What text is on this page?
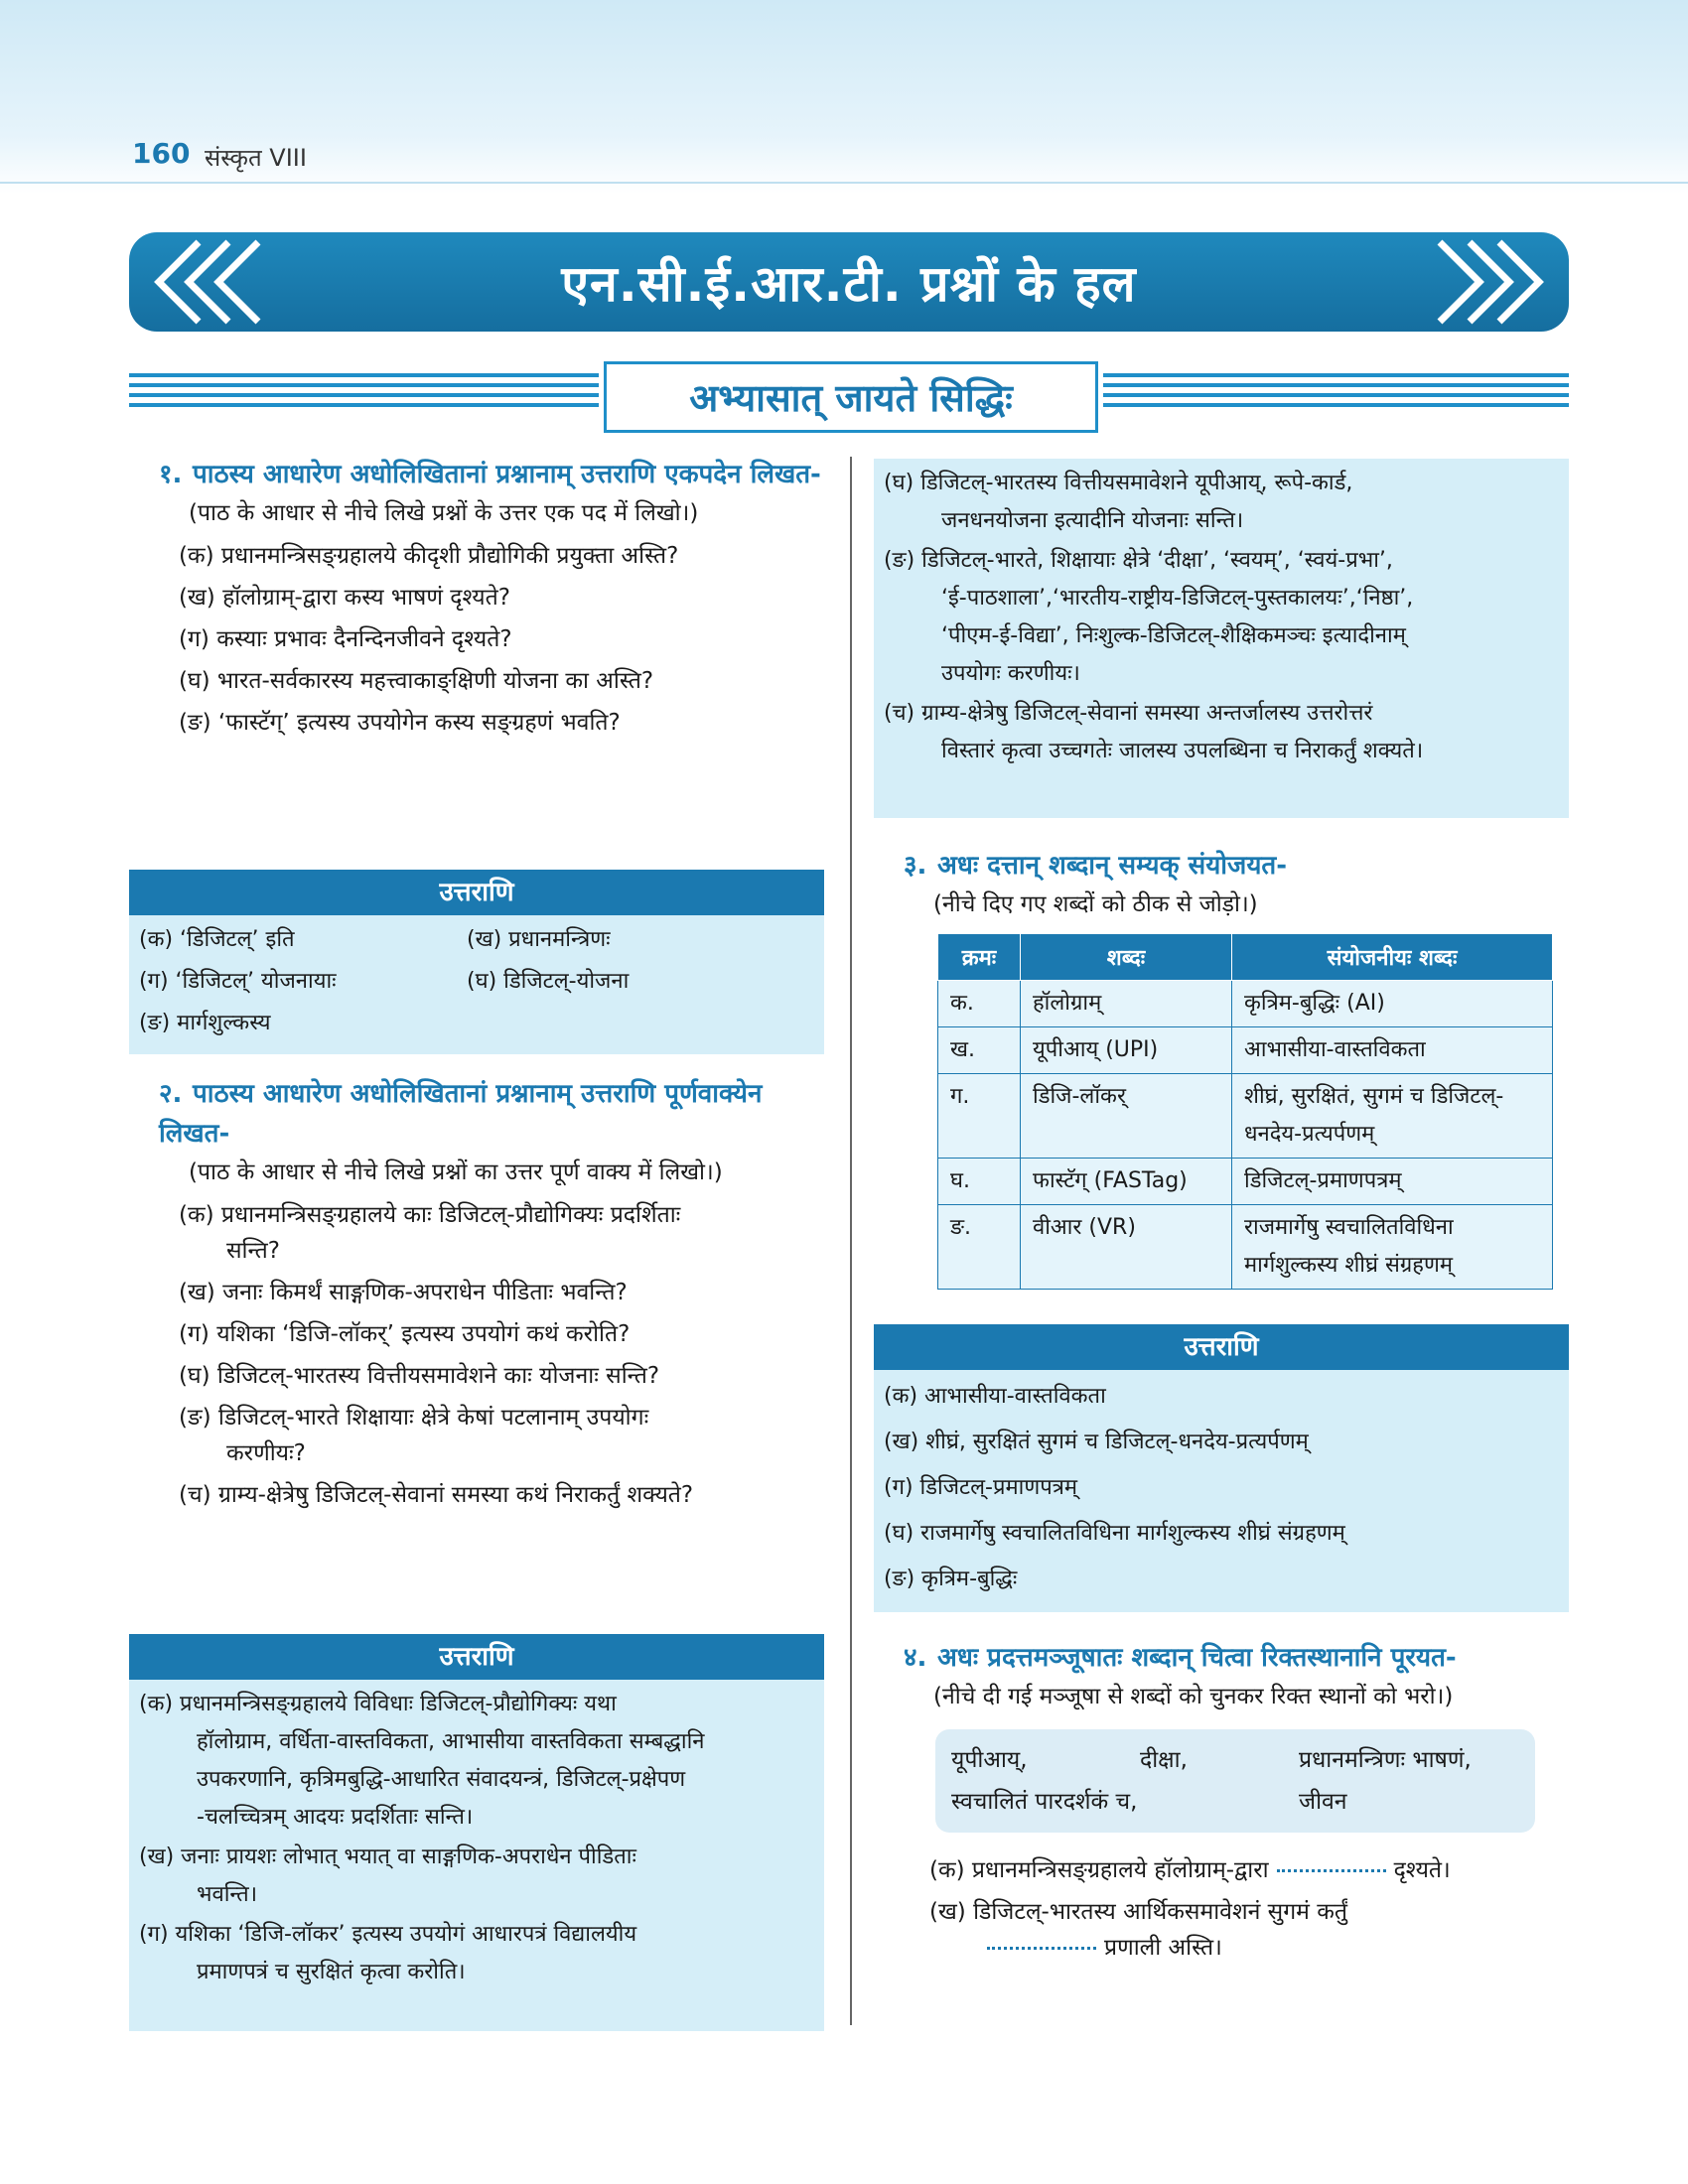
160 संस्कृत VIII
एन.सी.ई.आर.टी. प्रश्नों के हल
अभ्यासात् जायते सिद्धिः
१. पाठस्य आधारेण अधोलिखितानां प्रश्नानाम् उत्तराणि एकपदेन लिखत-
(पाठ के आधार से नीचे लिखे प्रश्नों के उत्तर एक पद में लिखो।)
(क) प्रधानमन्त्रिसङ्ग्रहालये कीदृशी प्रौद्योगिकी प्रयुक्ता अस्ति?
(ख) हॉलोग्राम्-द्वारा कस्य भाषणं दृश्यते?
(ग) कस्याः प्रभावः दैनन्दिनजीवने दृश्यते?
(घ) भारत-सर्वकारस्य महत्त्वाकाङ्क्षिणी योजना का अस्ति?
(ङ) ‘फास्टॅग्’ इत्यस्य उपयोगेन कस्य सङ्ग्रहणं भवति?
उत्तराणि
(क) ‘डिजिटल्’ इति	(ख) प्रधानमन्त्रिणः
(ग) ‘डिजिटल्’ योजनायाः	(घ) डिजिटल्-योजना
(ङ) मार्गशुल्कस्य
२. पाठस्य आधारेण अधोलिखितानां प्रश्नानाम् उत्तराणि पूर्णवाक्येन लिखत-
(पाठ के आधार से नीचे लिखे प्रश्नों का उत्तर पूर्ण वाक्य में लिखो।)
(क) प्रधानमन्त्रिसङ्ग्रहालये काः डिजिटल्-प्रौद्योगिक्यः प्रदर्शिताः
सन्ति?
(ख) जनाः किमर्थं साङ्गणिक-अपराधेन पीडिताः भवन्ति?
(ग) यशिका ‘डिजि-लॉकर्’ इत्यस्य उपयोगं कथं करोति?
(घ) डिजिटल्-भारतस्य वित्तीयसमावेशने काः योजनाः सन्ति?
(ङ) डिजिटल्-भारते शिक्षायाः क्षेत्रे केषां पटलानाम् उपयोगः
करणीयः?
(च) ग्राम्य-क्षेत्रेषु डिजिटल्-सेवानां समस्या कथं निराकर्तुं शक्यते?
उत्तराणि

(क) प्रधानमन्त्रिसङ्ग्रहालये विविधाः डिजिटल्-प्रौद्योगिक्यः यथा
हॉलोग्राम, वर्धिता-वास्तविकता, आभासीया वास्तविकता सम्बद्धानि
उपकरणानि, कृत्रिमबुद्धि-आधारित संवादयन्त्रं, डिजिटल्-प्रक्षेपण
-चलच्चित्रम् आदयः प्रदर्शिताः सन्ति।

(ख) जनाः प्रायशः लोभात् भयात् वा साङ्गणिक-अपराधेन पीडिताः
भवन्ति।

(ग) यशिका ‘डिजि-लॉकर’ इत्यस्य उपयोगं आधारपत्रं विद्यालयीय
प्रमाणपत्रं च सुरक्षितं कृत्वा करोति।

(घ) डिजिटल्-भारतस्य वित्तीयसमावेशने यूपीआय्, रूपे-कार्ड,
जनधनयोजना इत्यादीनि योजनाः सन्ति।

(ङ) डिजिटल्-भारते, शिक्षायाः क्षेत्रे ‘दीक्षा’, ‘स्वयम्’, ‘स्वयं-प्रभा’,
‘ई-पाठशाला’,‘भारतीय-राष्ट्रीय-डिजिटल्-पुस्तकालयः’,‘निष्ठा’,
‘पीएम-ई-विद्या’, निःशुल्क-डिजिटल्-शैक्षिकमञ्चः इत्यादीनाम्
उपयोगः करणीयः।

(च) ग्राम्य-क्षेत्रेषु डिजिटल्-सेवानां समस्या अन्तर्जालस्य उत्तरोत्तरं
विस्तारं कृत्वा उच्चगतेः जालस्य उपलब्धिना च निराकर्तुं शक्यते।

३. अधः दत्तान् शब्दान् सम्यक् संयोजयत-
(नीचे दिए गए शब्दों को ठीक से जोड़ो।)
क्रमः	शब्दः	संयोजनीयः शब्दः
क.	हॉलोग्राम्	कृत्रिम-बुद्धिः (AI)
ख.	यूपीआय् (UPI)	आभासीया-वास्तविकता
ग.	डिजि-लॉकर्	शीघ्रं, सुरक्षितं, सुगमं च डिजिटल्-धनदेय-प्रत्यर्पणम्
घ.	फास्टॅग् (FASTag)	डिजिटल्-प्रमाणपत्रम्
ङ.	वीआर (VR)	राजमार्गेषु स्वचालितविधिना मार्गशुल्कस्य शीघ्रं संग्रहणम्
उत्तराणि
(क) आभासीया-वास्तविकता
(ख) शीघ्रं, सुरक्षितं सुगमं च डिजिटल्-धनदेय-प्रत्यर्पणम्
(ग) डिजिटल्-प्रमाणपत्रम्
(घ) राजमार्गेषु स्वचालितविधिना मार्गशुल्कस्य शीघ्रं संग्रहणम्
(ङ) कृत्रिम-बुद्धिः
४. अधः प्रदत्तमञ्जूषातः शब्दान् चित्वा रिक्तस्थानानि पूरयत-
(नीचे दी गई मञ्जूषा से शब्दों को चुनकर रिक्त स्थानों को भरो।)
यूपीआय्,	दीक्षा,	प्रधानमन्त्रिणः भाषणं,
स्वचालितं पारदर्शकं च,	जीवन
(क) प्रधानमन्त्रिसङ्ग्रहालये हॉलोग्राम्-द्वारा	दृश्यते।
(ख) डिजिटल्-भारतस्य आर्थिकसमावेशनं सुगमं कर्तुं
प्रणाली अस्ति।
